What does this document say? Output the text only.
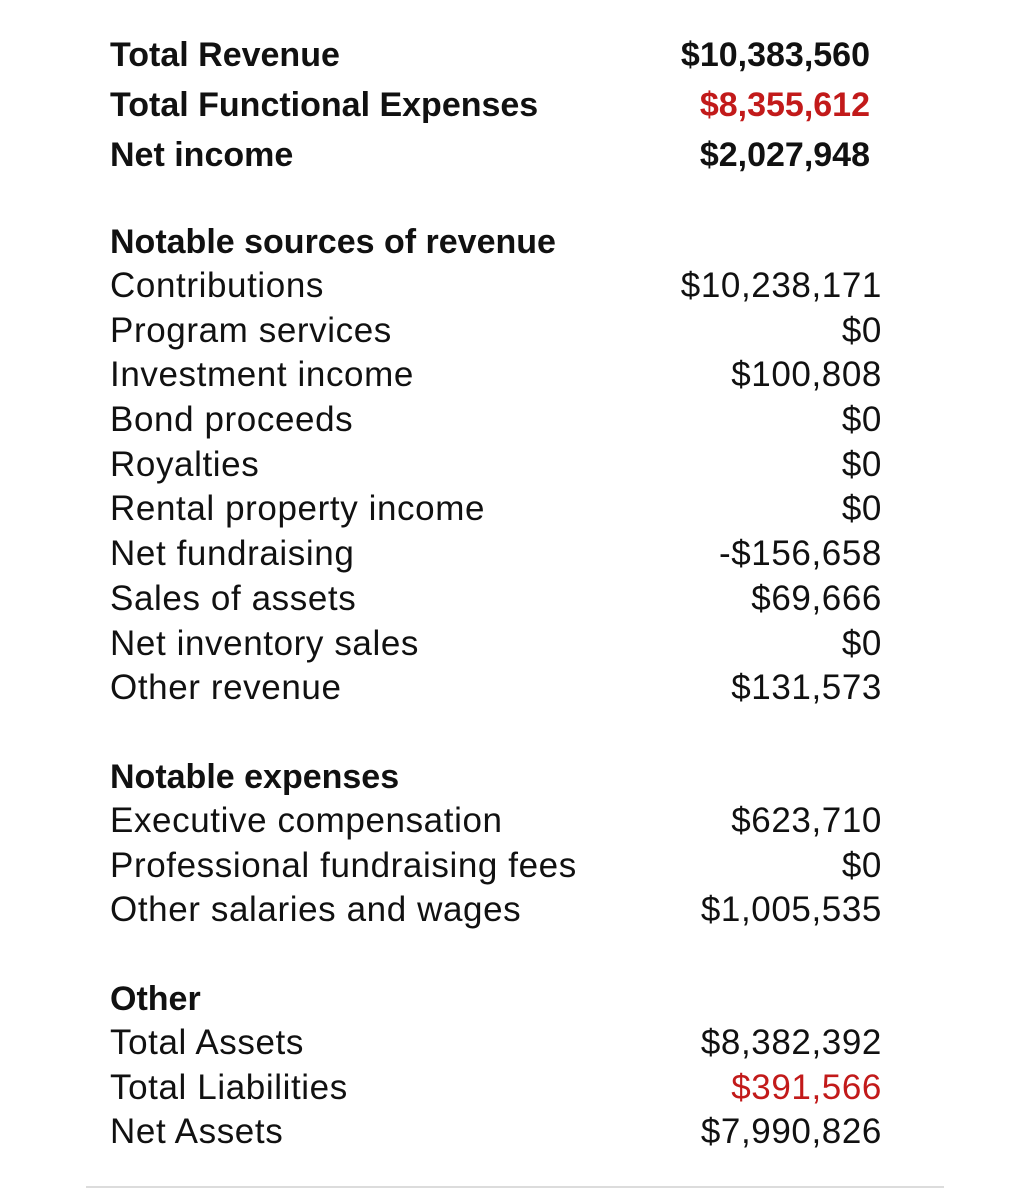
Total Revenue	$10,383,560
Total Functional Expenses	$8,355,612
Net income	$2,027,948
Notable sources of revenue
Contributions	$10,238,171
Program services	$0
Investment income	$100,808
Bond proceeds	$0
Royalties	$0
Rental property income	$0
Net fundraising	-$156,658
Sales of assets	$69,666
Net inventory sales	$0
Other revenue	$131,573
Notable expenses
Executive compensation	$623,710
Professional fundraising fees	$0
Other salaries and wages	$1,005,535
Other
Total Assets	$8,382,392
Total Liabilities	$391,566
Net Assets	$7,990,826
